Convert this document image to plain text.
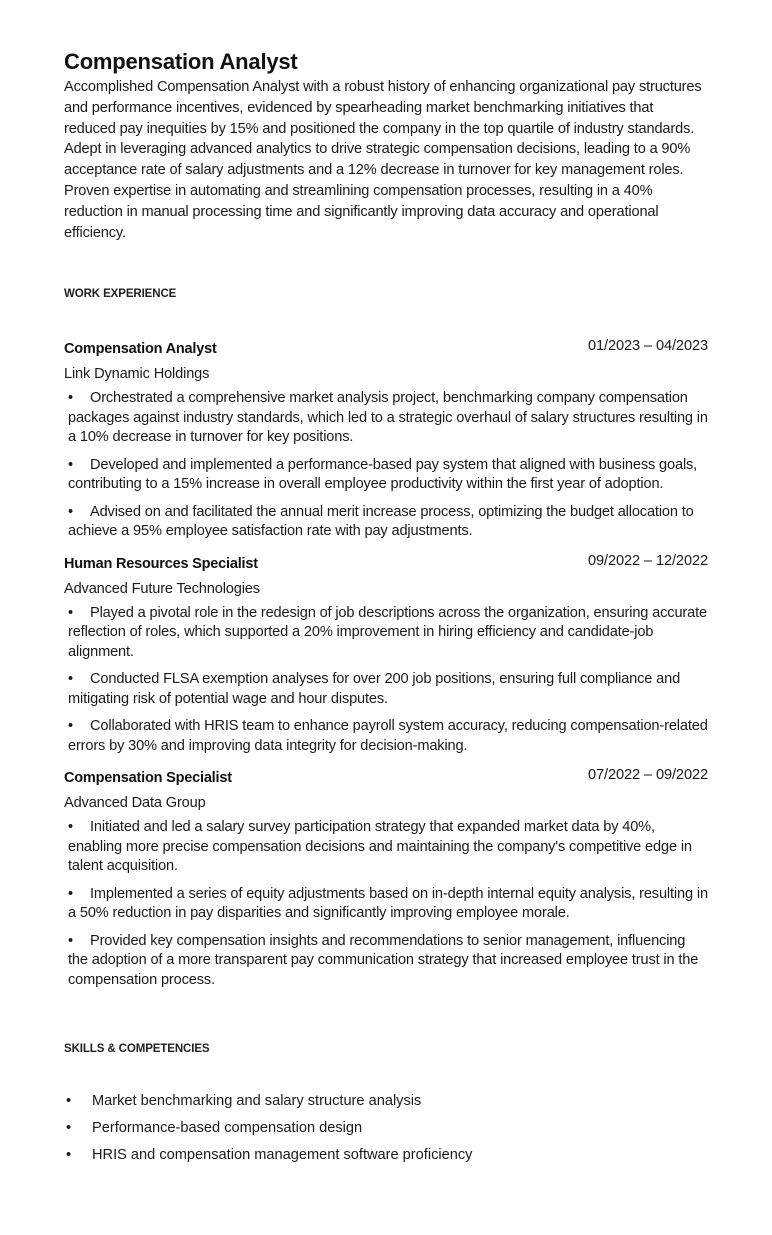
Compensation Analyst

Accomplished Compensation Analyst with a robust history of enhancing organizational pay structures and performance incentives, evidenced by spearheading market benchmarking initiatives that reduced pay inequities by 15% and positioned the company in the top quartile of industry standards. Adept in leveraging advanced analytics to drive strategic compensation decisions, leading to a 90% acceptance rate of salary adjustments and a 12% decrease in turnover for key management roles. Proven expertise in automating and streamlining compensation processes, resulting in a 40% reduction in manual processing time and significantly improving data accuracy and operational efficiency.

WORK EXPERIENCE
Compensation Analyst	01/2023 – 04/2023
Link Dynamic Holdings
• Orchestrated a comprehensive market analysis project, benchmarking company compensation packages against industry standards, which led to a strategic overhaul of salary structures resulting in a 10% decrease in turnover for key positions.
• Developed and implemented a performance-based pay system that aligned with business goals, contributing to a 15% increase in overall employee productivity within the first year of adoption.
• Advised on and facilitated the annual merit increase process, optimizing the budget allocation to achieve a 95% employee satisfaction rate with pay adjustments.
Human Resources Specialist	09/2022 – 12/2022
Advanced Future Technologies
• Played a pivotal role in the redesign of job descriptions across the organization, ensuring accurate reflection of roles, which supported a 20% improvement in hiring efficiency and candidate-job alignment.
• Conducted FLSA exemption analyses for over 200 job positions, ensuring full compliance and mitigating risk of potential wage and hour disputes.
• Collaborated with HRIS team to enhance payroll system accuracy, reducing compensation-related errors by 30% and improving data integrity for decision-making.
Compensation Specialist	07/2022 – 09/2022
Advanced Data Group
• Initiated and led a salary survey participation strategy that expanded market data by 40%, enabling more precise compensation decisions and maintaining the company's competitive edge in talent acquisition.
• Implemented a series of equity adjustments based on in-depth internal equity analysis, resulting in a 50% reduction in pay disparities and significantly improving employee morale.
• Provided key compensation insights and recommendations to senior management, influencing the adoption of a more transparent pay communication strategy that increased employee trust in the compensation process.
SKILLS & COMPETENCIES
•	Market benchmarking and salary structure analysis
•	Performance-based compensation design
•	HRIS and compensation management software proficiency
